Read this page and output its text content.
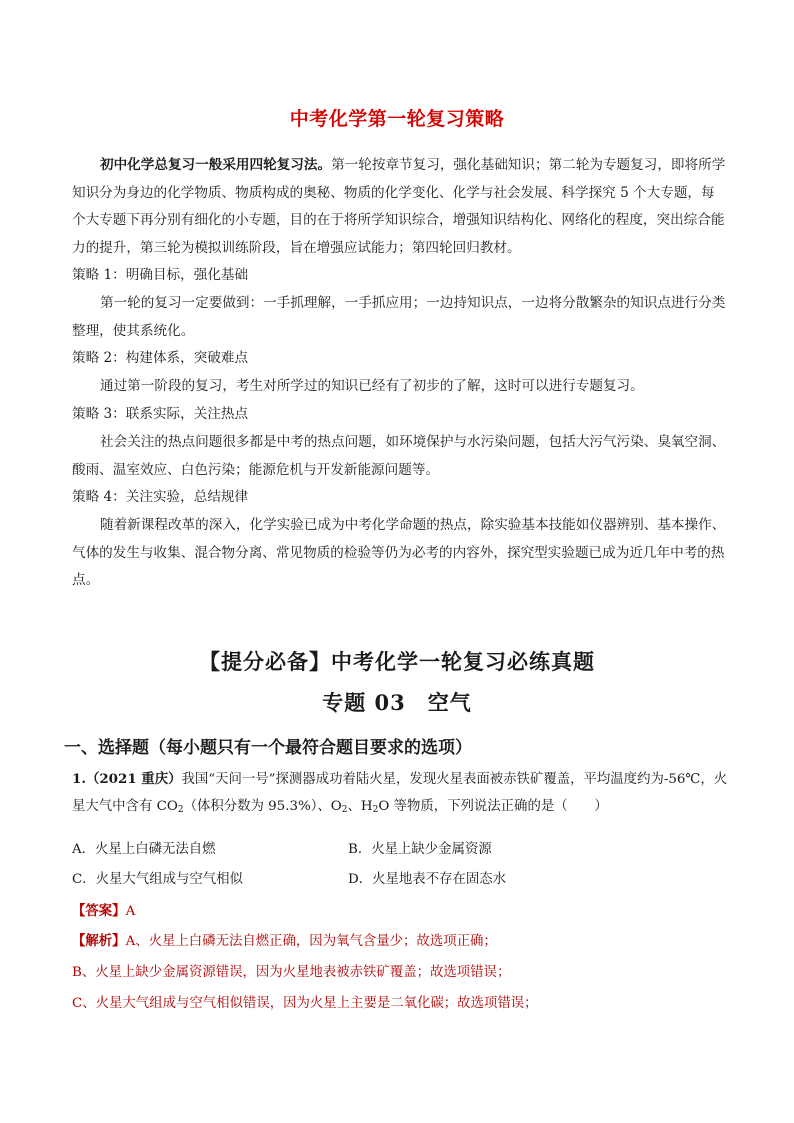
中考化学第一轮复习策略
初中化学总复习一般采用四轮复习法。第一轮按章节复习，强化基础知识；第二轮为专题复习，即将所学知识分为身边的化学物质、物质构成的奥秘、物质的化学变化、化学与社会发展、科学探究 5 个大专题，每个大专题下再分别有细化的小专题，目的在于将所学知识综合，增强知识结构化、网络化的程度，突出综合能力的提升，第三轮为模拟训练阶段，旨在增强应试能力；第四轮回归教材。
策略 1：明确目标，强化基础
第一轮的复习一定要做到：一手抓理解，一手抓应用；一边持知识点，一边将分散繁杂的知识点进行分类整理，使其系统化。
策略 2：构建体系，突破难点
通过第一阶段的复习，考生对所学过的知识已经有了初步的了解，这时可以进行专题复习。
策略 3：联系实际，关注热点
社会关注的热点问题很多都是中考的热点问题，如环境保护与水污染问题，包括大污气污染、臭氧空洞、酸雨、温室效应、白色污染；能源危机与开发新能源问题等。
策略 4：关注实验，总结规律
随着新课程改革的深入，化学实验已成为中考化学命题的热点，除实验基本技能如仪器辨别、基本操作、气体的发生与收集、混合物分离、常见物质的检验等仍为必考的内容外，探究型实验题已成为近几年中考的热点。
【提分必备】中考化学一轮复习必练真题
专题 03　空气
一、选择题（每小题只有一个最符合题目要求的选项）
1.（2021 重庆）我国“天问一号”探测器成功着陆火星，发现火星表面被赤铁矿覆盖，平均温度约为-56℃，火星大气中含有 $CO_2$（体积分数为 95.3%）、$O_2$、$H_2O$ 等物质，下列说法正确的是（　　）
A．火星上白磷无法自燃	B．火星上缺少金属资源
C．火星大气组成与空气相似	D．火星地表不存在固态水
【答案】A
【解析】A、火星上白磷无法自燃正确，因为氧气含量少；故选项正确；
B、火星上缺少金属资源错误，因为火星地表被赤铁矿覆盖；故选项错误；
C、火星大气组成与空气相似错误，因为火星上主要是二氧化碳；故选项错误；
